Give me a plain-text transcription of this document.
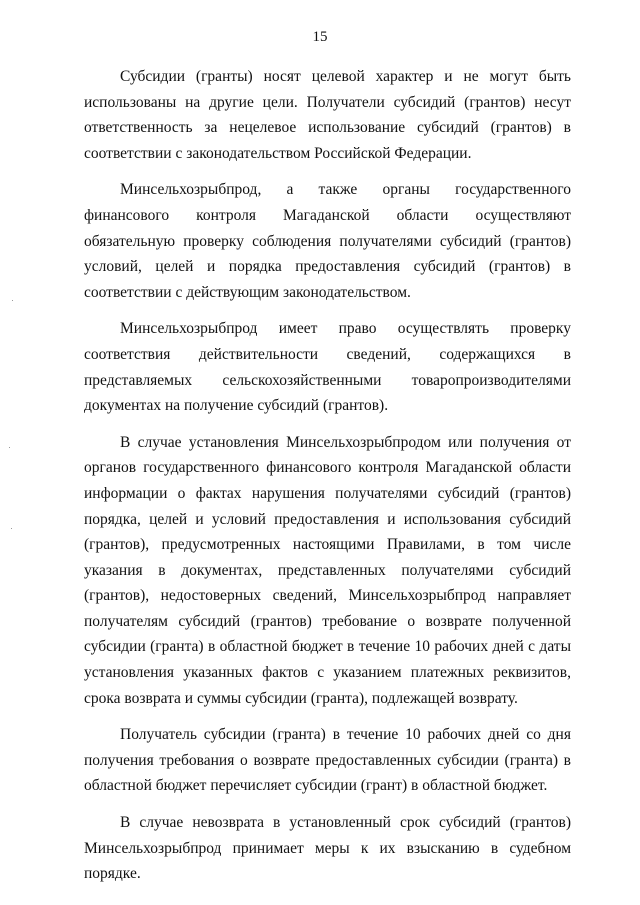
15

Субсидии (гранты) носят целевой характер и не могут быть использованы на другие цели. Получатели субсидий (грантов) несут ответственность за нецелевое использование субсидий (грантов) в соответствии с законодательством Российской Федерации.

Минсельхозрыбпрод, а также органы государственного финансового контроля Магаданской области осуществляют обязательную проверку соблюдения получателями субсидий (грантов) условий, целей и порядка предоставления субсидий (грантов) в соответствии с действующим законодательством.

Минсельхозрыбпрод имеет право осуществлять проверку соответствия действительности сведений, содержащихся в представляемых сельскохозяйственными товаропроизводителями документах на получение субсидий (грантов).

В случае установления Минсельхозрыбпродом или получения от органов государственного финансового контроля Магаданской области информации о фактах нарушения получателями субсидий (грантов) порядка, целей и условий предоставления и использования субсидий (грантов), предусмотренных настоящими Правилами, в том числе указания в документах, представленных получателями субсидий (грантов), недостоверных сведений, Минсельхозрыбпрод направляет получателям субсидий (грантов) требование о возврате полученной субсидии (гранта) в областной бюджет в течение 10 рабочих дней с даты установления указанных фактов с указанием платежных реквизитов, срока возврата и суммы субсидии (гранта), подлежащей возврату.

Получатель субсидии (гранта) в течение 10 рабочих дней со дня получения требования о возврате предоставленных субсидии (гранта) в областной бюджет перечисляет субсидии (грант) в областной бюджет.

В случае невозврата в установленный срок субсидий (грантов) Минсельхозрыбпрод принимает меры к их взысканию в судебном порядке.
